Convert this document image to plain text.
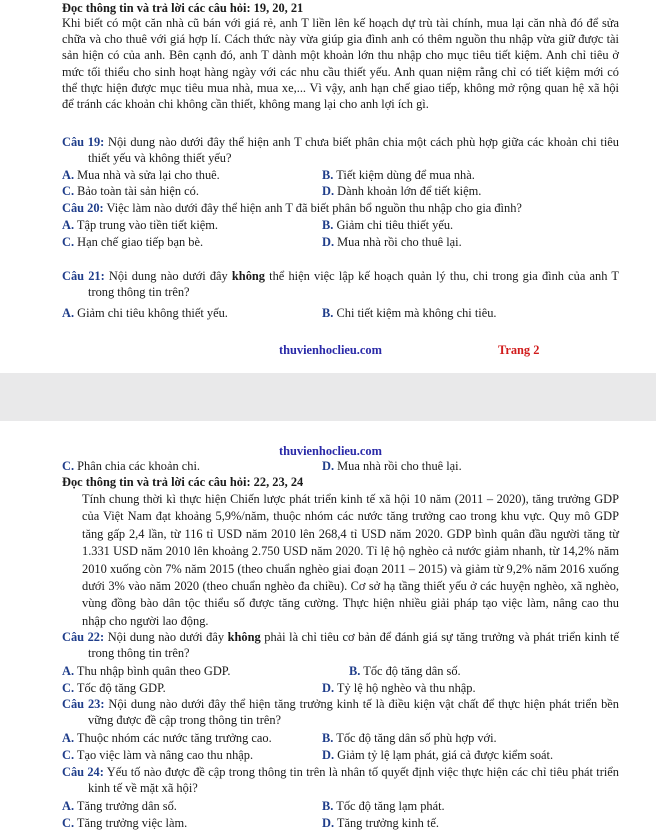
Đọc thông tin và trả lời các câu hỏi: 19, 20, 21
Khi biết có một căn nhà cũ bán với giá rẻ, anh T liền lên kế hoạch dự trù tài chính, mua lại căn nhà đó để sửa chữa và cho thuê với giá hợp lí. Cách thức này vừa giúp gia đình anh có thêm nguồn thu nhập vừa giữ được tài sản hiện có của anh. Bên cạnh đó, anh T dành một khoản lớn thu nhập cho mục tiêu tiết kiệm. Anh chỉ tiêu ở mức tối thiểu cho sinh hoạt hàng ngày với các nhu cầu thiết yếu. Anh quan niệm rằng chỉ có tiết kiệm mới có thể thực hiện được mục tiêu mua nhà, mua xe,... Vì vậy, anh hạn chế giao tiếp, không mở rộng quan hệ xã hội để tránh các khoản chi không cần thiết, không mang lại cho anh lợi ích gì.
Câu 19: Nội dung nào dưới đây thể hiện anh T chưa biết phân chia một cách phù hợp giữa các khoản chi tiêu thiết yếu và không thiết yếu?
A. Mua nhà và sửa lại cho thuê.	B. Tiết kiệm dùng để mua nhà.
C. Bảo toàn tài sản hiện có.	D. Dành khoản lớn để tiết kiệm.
Câu 20: Việc làm nào dưới đây thể hiện anh T đã biết phân bổ nguồn thu nhập cho gia đình?
A. Tập trung vào tiền tiết kiệm.	B. Giảm chi tiêu thiết yếu.
C. Hạn chế giao tiếp bạn bè.	D. Mua nhà rồi cho thuê lại.
Câu 21: Nội dung nào dưới đây không thể hiện việc lập kế hoạch quản lý thu, chi trong gia đình của anh T trong thông tin trên?
A. Giảm chi tiêu không thiết yếu.	B. Chi tiết kiệm mà không chi tiêu.
thuvienhoclieu.com	Trang 2
thuvienhoclieu.com
C. Phân chia các khoản chi.	D. Mua nhà rồi cho thuê lại.
Đọc thông tin và trả lời các câu hỏi: 22, 23, 24
Tính chung thời kì thực hiện Chiến lược phát triển kinh tế xã hội 10 năm (2011 – 2020), tăng trưởng GDP của Việt Nam đạt khoảng 5,9%/năm, thuộc nhóm các nước tăng trưởng cao trong khu vực. Quy mô GDP tăng gấp 2,4 lần, từ 116 tỉ USD năm 2010 lên 268,4 tỉ USD năm 2020. GDP bình quân đầu người tăng từ 1.331 USD năm 2010 lên khoảng 2.750 USD năm 2020. Tỉ lệ hộ nghèo cả nước giảm nhanh, từ 14,2% năm 2010 xuống còn 7% năm 2015 (theo chuẩn nghèo giai đoạn 2011 – 2015) và giảm từ 9,2% năm 2016 xuống dưới 3% vào năm 2020 (theo chuẩn nghèo đa chiều). Cơ sở hạ tầng thiết yếu ở các huyện nghèo, xã nghèo, vùng đồng bào dân tộc thiểu số được tăng cường. Thực hiện nhiều giải pháp tạo việc làm, nâng cao thu nhập cho người lao động.
Câu 22: Nội dung nào dưới đây không phải là chỉ tiêu cơ bản để đánh giá sự tăng trưởng và phát triển kinh tế trong thông tin trên?
A. Thu nhập bình quân theo GDP.	B. Tốc độ tăng dân số.
C. Tốc độ tăng GDP.	D. Tỷ lệ hộ nghèo và thu nhập.
Câu 23: Nội dung nào dưới đây thể hiện tăng trưởng kinh tế là điều kiện vật chất để thực hiện phát triển bền vững được đề cập trong thông tin trên?
A. Thuộc nhóm các nước tăng trưởng cao.	B. Tốc độ tăng dân số phù hợp với.
C. Tạo việc làm và nâng cao thu nhập.	D. Giảm tỷ lệ lạm phát, giá cả được kiểm soát.
Câu 24: Yếu tố nào được đề cập trong thông tin trên là nhân tố quyết định việc thực hiện các chỉ tiêu phát triển kinh tế về mặt xã hội?
A. Tăng trưởng dân số.	B. Tốc độ tăng lạm phát.
C. Tăng trưởng việc làm.	D. Tăng trưởng kinh tế.
